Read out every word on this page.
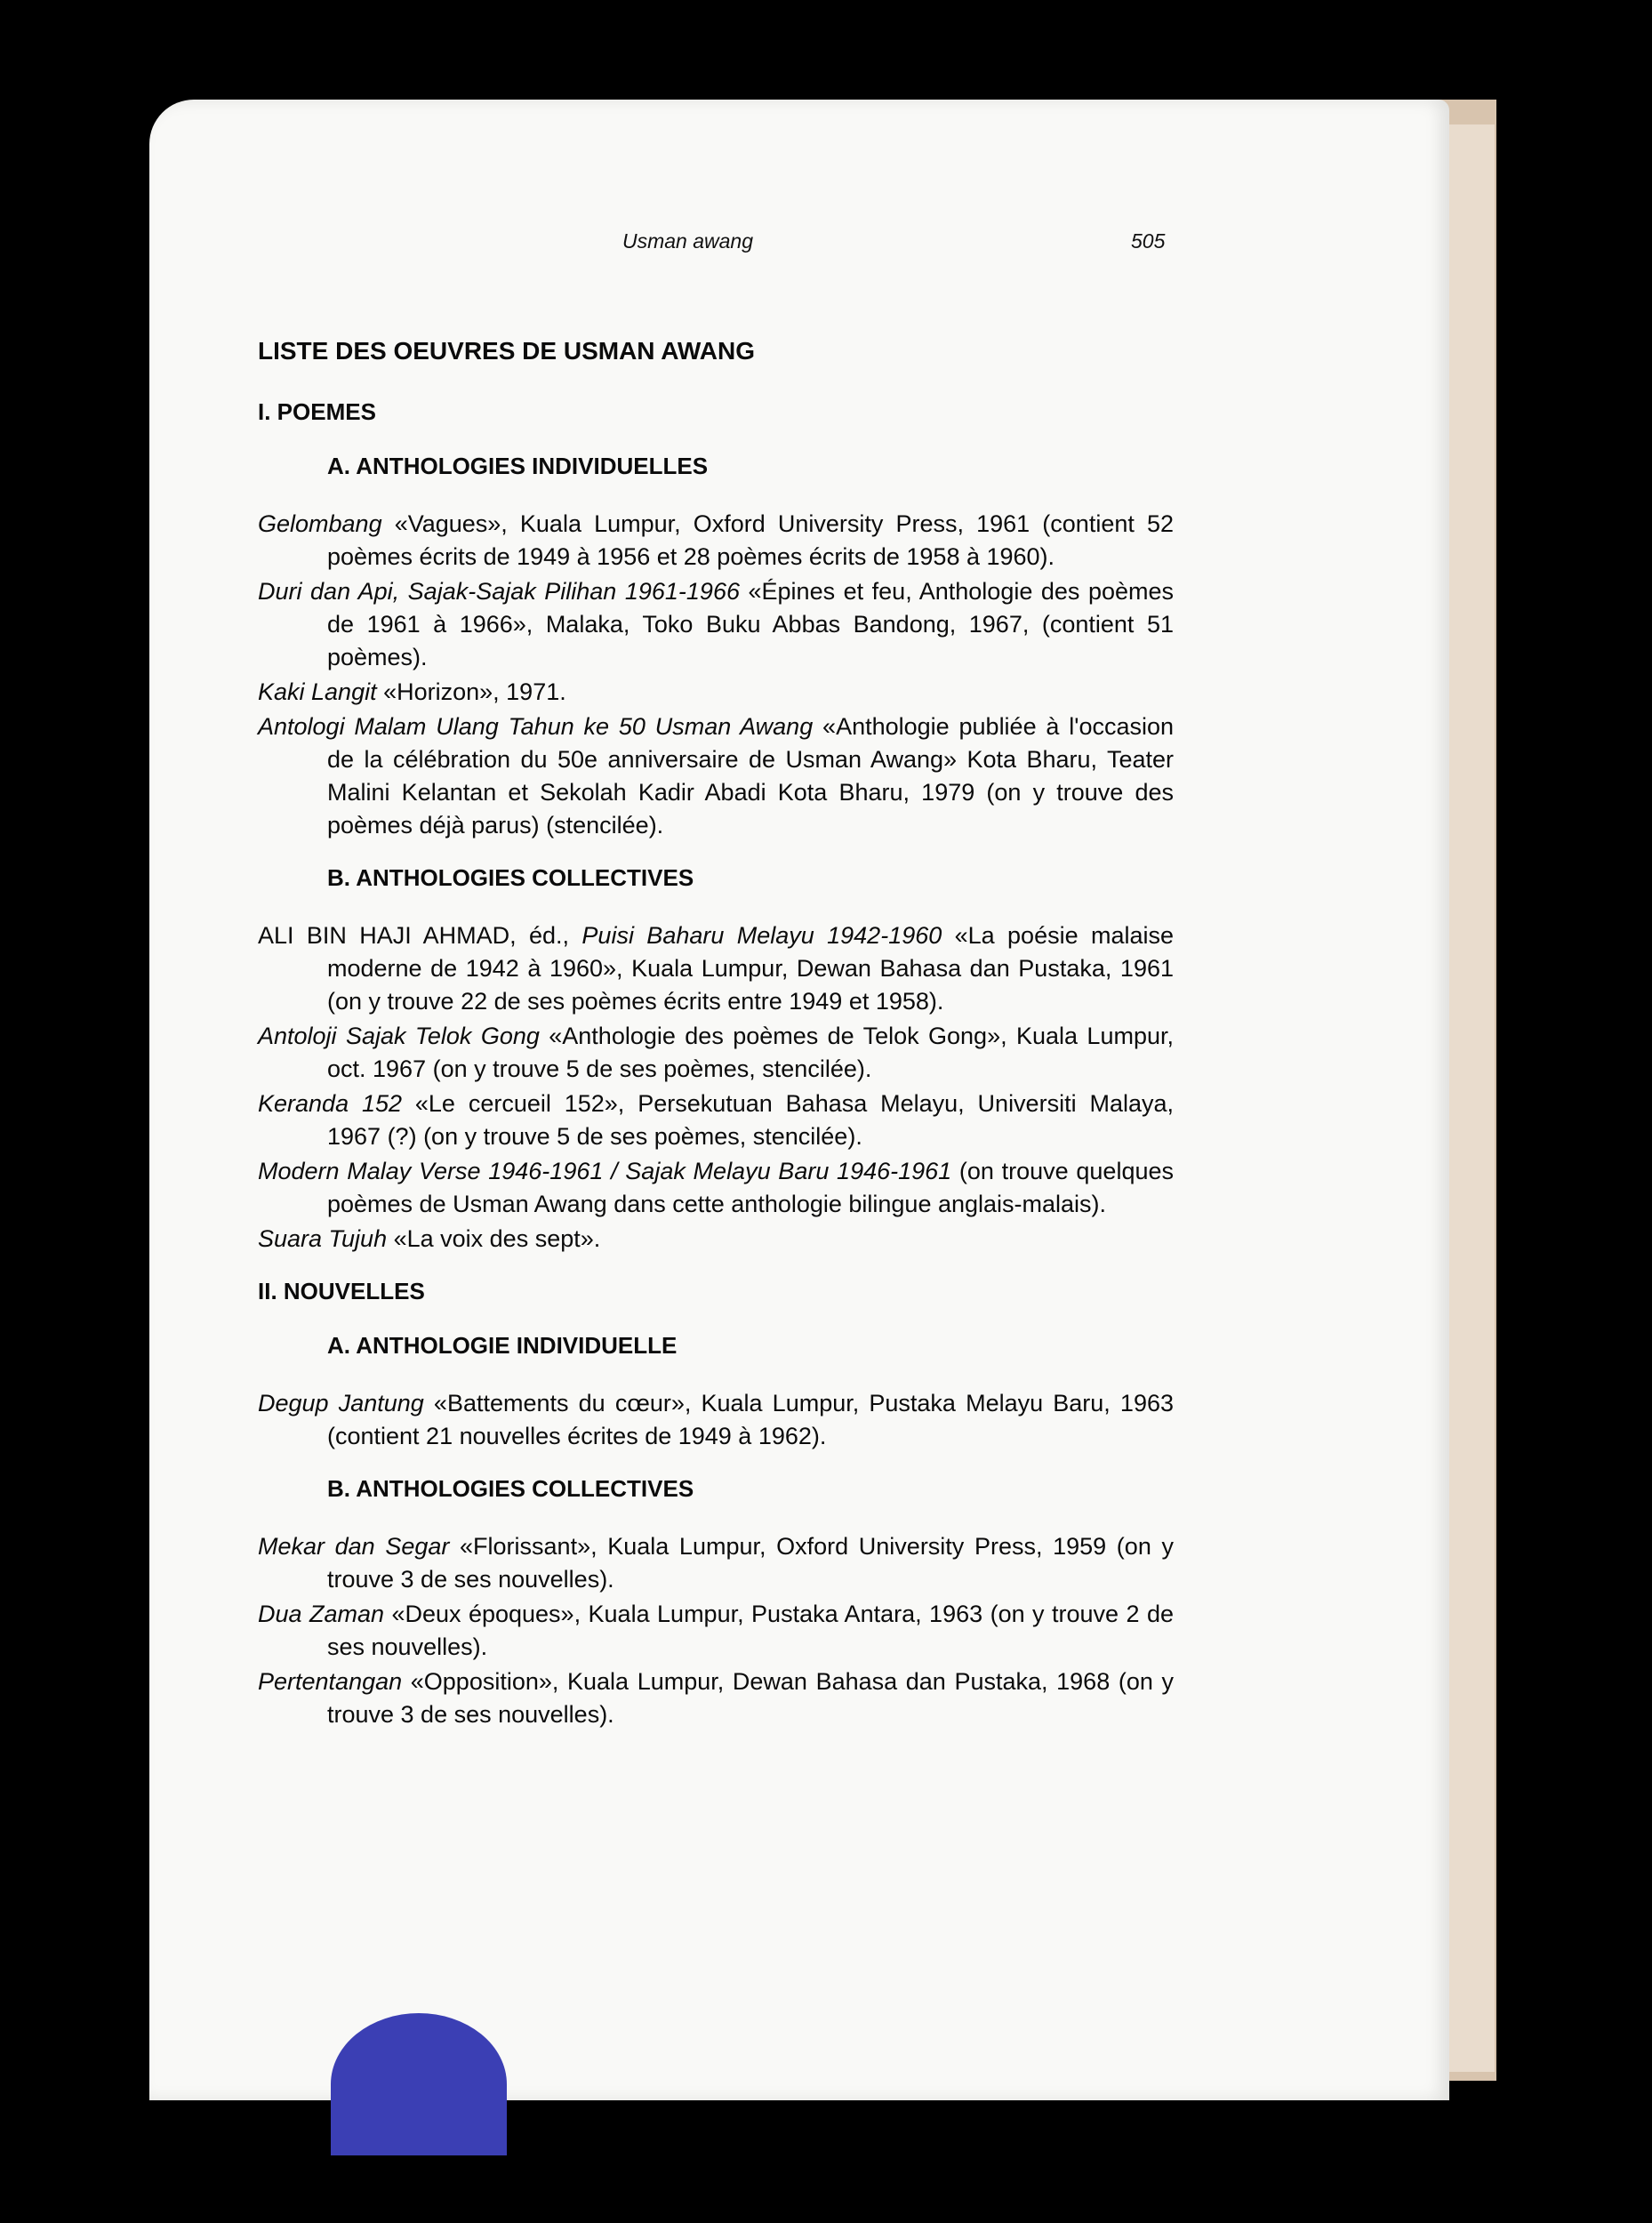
Usman awang	505
LISTE DES OEUVRES DE USMAN AWANG
I. POEMES
A. ANTHOLOGIES INDIVIDUELLES
Gelombang «Vagues», Kuala Lumpur, Oxford University Press, 1961 (contient 52 poèmes écrits de 1949 à 1956 et 28 poèmes écrits de 1958 à 1960).
Duri dan Api, Sajak-Sajak Pilihan 1961-1966 «Épines et feu, Anthologie des poèmes de 1961 à 1966», Malaka, Toko Buku Abbas Bandong, 1967, (contient 51 poèmes).
Kaki Langit «Horizon», 1971.
Antologi Malam Ulang Tahun ke 50 Usman Awang «Anthologie publiée à l'occasion de la célébration du 50e anniversaire de Usman Awang» Kota Bharu, Teater Malini Kelantan et Sekolah Kadir Abadi Kota Bharu, 1979 (on y trouve des poèmes déjà parus) (stencilée).
B. ANTHOLOGIES COLLECTIVES
ALI BIN HAJI AHMAD, éd., Puisi Baharu Melayu 1942-1960 «La poésie malaise moderne de 1942 à 1960», Kuala Lumpur, Dewan Bahasa dan Pustaka, 1961 (on y trouve 22 de ses poèmes écrits entre 1949 et 1958).
Antoloji Sajak Telok Gong «Anthologie des poèmes de Telok Gong», Kuala Lumpur, oct. 1967 (on y trouve 5 de ses poèmes, stencilée).
Keranda 152 «Le cercueil 152», Persekutuan Bahasa Melayu, Universiti Malaya, 1967 (?) (on y trouve 5 de ses poèmes, stencilée).
Modern Malay Verse 1946-1961 / Sajak Melayu Baru 1946-1961 (on trouve quelques poèmes de Usman Awang dans cette anthologie bilingue anglais-malais).
Suara Tujuh «La voix des sept».
II. NOUVELLES
A. ANTHOLOGIE INDIVIDUELLE
Degup Jantung «Battements du cœur», Kuala Lumpur, Pustaka Melayu Baru, 1963 (contient 21 nouvelles écrites de 1949 à 1962).
B. ANTHOLOGIES COLLECTIVES
Mekar dan Segar «Florissant», Kuala Lumpur, Oxford University Press, 1959 (on y trouve 3 de ses nouvelles).
Dua Zaman «Deux époques», Kuala Lumpur, Pustaka Antara, 1963 (on y trouve 2 de ses nouvelles).
Pertentangan «Opposition», Kuala Lumpur, Dewan Bahasa dan Pustaka, 1968 (on y trouve 3 de ses nouvelles).
